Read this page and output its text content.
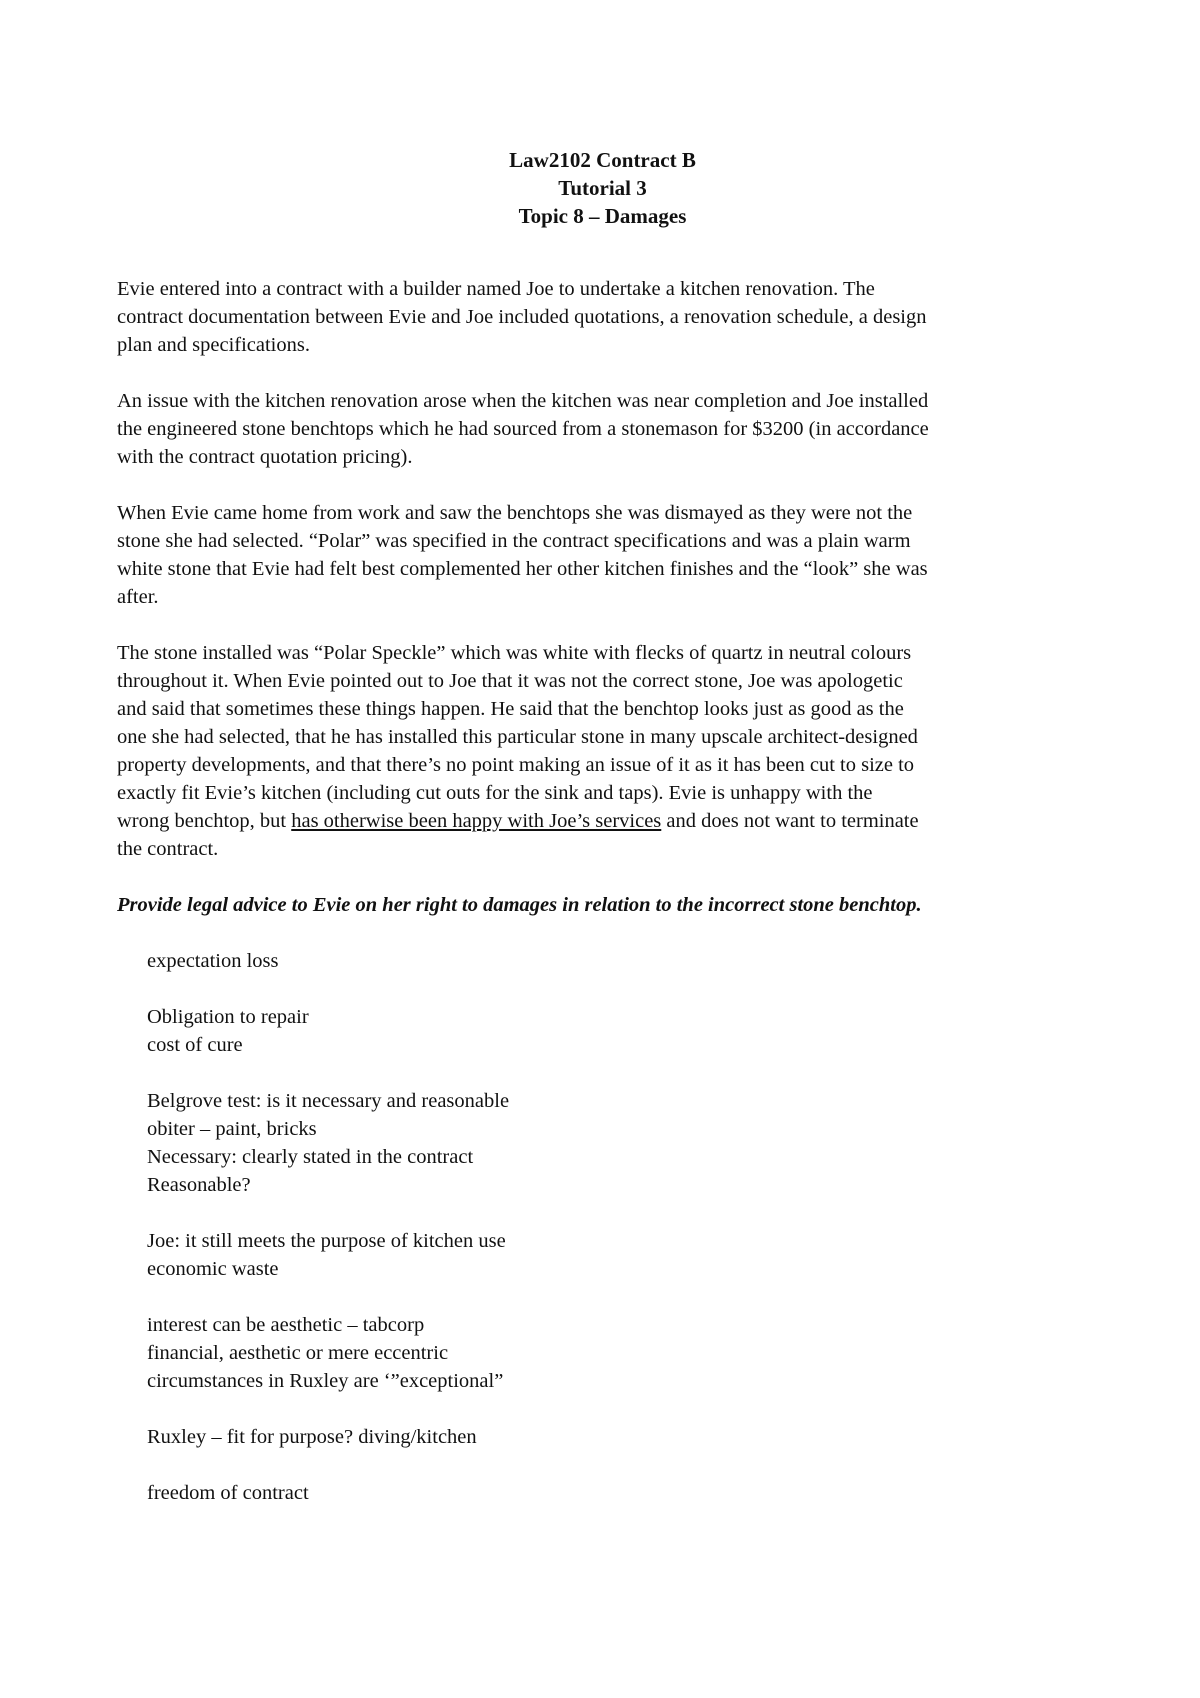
Law2102 Contract B
Tutorial 3
Topic 8 – Damages

Evie entered into a contract with a builder named Joe to undertake a kitchen renovation. The

contract documentation between Evie and Joe included quotations, a renovation schedule, a design

plan and specifications.

An issue with the kitchen renovation arose when the kitchen was near completion and Joe installed

the engineered stone benchtops which he had sourced from a stonemason for $3200 (in accordance

with the contract quotation pricing).

When Evie came home from work and saw the benchtops she was dismayed as they were not the

stone she had selected. “Polar” was specified in the contract specifications and was a plain warm

white stone that Evie had felt best complemented her other kitchen finishes and the “look” she was

after.

The stone installed was “Polar Speckle” which was white with flecks of quartz in neutral colours

throughout it. When Evie pointed out to Joe that it was not the correct stone, Joe was apologetic

and said that sometimes these things happen. He said that the benchtop looks just as good as the

one she had selected, that he has installed this particular stone in many upscale architect-designed

property developments, and that there’s no point making an issue of it as it has been cut to size to

exactly fit Evie’s kitchen (including cut outs for the sink and taps). Evie is unhappy with the

wrong benchtop, but has otherwise been happy with Joe’s services and does not want to terminate

the contract.

Provide legal advice to Evie on her right to damages in relation to the incorrect stone benchtop.
expectation loss
Obligation to repair
cost of cure
Belgrove test: is it necessary and reasonable
obiter – paint, bricks
Necessary: clearly stated in the contract
Reasonable?
Joe: it still meets the purpose of kitchen use
economic waste
interest can be aesthetic – tabcorp
financial, aesthetic or mere eccentric
circumstances in Ruxley are ‘”exceptional”
Ruxley – fit for purpose? diving/kitchen
freedom of contract
